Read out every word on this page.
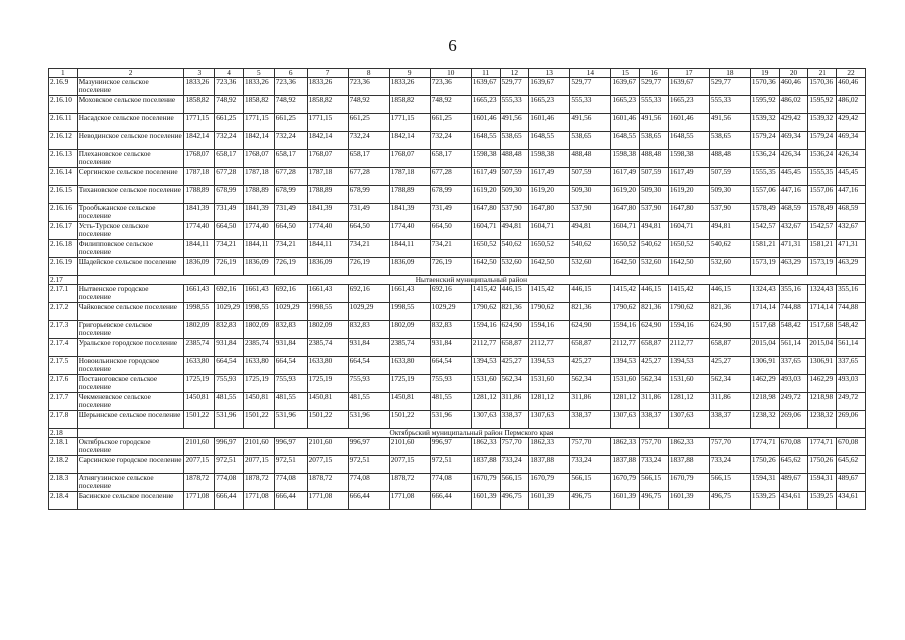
6
1	2	3	4	5	6	7	8	9	10	11	12	13	14	15	16	17	18	19	20	21	22
2.16.9	Мазунинское сельское поселение	1833,26	723,36	1833,26	723,36	1833,26	723,36	1833,26	723,36	1639,67	529,77	1639,67	529,77	1639,67	529,77	1639,67	529,77	1570,36	460,46	1570,36	460,46
2.16.10	Моховское сельское поселение	1858,82	748,92	1858,82	748,92	1858,82	748,92	1858,82	748,92	1665,23	555,33	1665,23	555,33	1665,23	555,33	1665,23	555,33	1595,92	486,02	1595,92	486,02
2.16.11	Насадское сельское поселение	1771,15	661,25	1771,15	661,25	1771,15	661,25	1771,15	661,25	1601,46	491,56	1601,46	491,56	1601,46	491,56	1601,46	491,56	1539,32	429,42	1539,32	429,42
2.16.12	Неводинское сельское поселение	1842,14	732,24	1842,14	732,24	1842,14	732,24	1842,14	732,24	1648,55	538,65	1648,55	538,65	1648,55	538,65	1648,55	538,65	1579,24	469,34	1579,24	469,34
2.16.13	Плехановское сельское поселение	1768,07	658,17	1768,07	658,17	1768,07	658,17	1768,07	658,17	1598,38	488,48	1598,38	488,48	1598,38	488,48	1598,38	488,48	1536,24	426,34	1536,24	426,34
2.16.14	Сергинское сельское поселение	1787,18	677,28	1787,18	677,28	1787,18	677,28	1787,18	677,28	1617,49	507,59	1617,49	507,59	1617,49	507,59	1617,49	507,59	1555,35	445,45	1555,35	445,45
2.16.15	Тихановское сельское поселение	1788,89	678,99	1788,89	678,99	1788,89	678,99	1788,89	678,99	1619,20	509,30	1619,20	509,30	1619,20	509,30	1619,20	509,30	1557,06	447,16	1557,06	447,16
2.16.16	Трообъжанское сельское поселение	1841,39	731,49	1841,39	731,49	1841,39	731,49	1841,39	731,49	1647,80	537,90	1647,80	537,90	1647,80	537,90	1647,80	537,90	1578,49	468,59	1578,49	468,59
2.16.17	Усть-Турское сельское поселение	1774,40	664,50	1774,40	664,50	1774,40	664,50	1774,40	664,50	1604,71	494,81	1604,71	494,81	1604,71	494,81	1604,71	494,81	1542,57	432,67	1542,57	432,67
2.16.18	Филипповское сельское поселение	1844,11	734,21	1844,11	734,21	1844,11	734,21	1844,11	734,21	1650,52	540,62	1650,52	540,62	1650,52	540,62	1650,52	540,62	1581,21	471,31	1581,21	471,31
2.16.19	Шадейское сельское поселение	1836,09	726,19	1836,09	726,19	1836,09	726,19	1836,09	726,19	1642,50	532,60	1642,50	532,60	1642,50	532,60	1642,50	532,60	1573,19	463,29	1573,19	463,29
2.17	Нытвенский муниципальный район																				
2.17.1	Нытвенское городское поселение	1661,43	692,16	1661,43	692,16	1661,43	692,16	1661,43	692,16	1415,42	446,15	1415,42	446,15	1415,42	446,15	1415,42	446,15	1324,43	355,16	1324,43	355,16
2.17.2	Чайковское сельское поселение	1998,55	1029,29	1998,55	1029,29	1998,55	1029,29	1998,55	1029,29	1790,62	821,36	1790,62	821,36	1790,62	821,36	1790,62	821,36	1714,14	744,88	1714,14	744,88
2.17.3	Григорьевское сельское поселение	1802,09	832,83	1802,09	832,83	1802,09	832,83	1802,09	832,83	1594,16	624,90	1594,16	624,90	1594,16	624,90	1594,16	624,90	1517,68	548,42	1517,68	548,42
2.17.4	Уральское городское поселение	2385,74	931,84	2385,74	931,84	2385,74	931,84	2385,74	931,84	2112,77	658,87	2112,77	658,87	2112,77	658,87	2112,77	658,87	2015,04	561,14	2015,04	561,14
2.17.5	Новоильинское городское поселение	1633,80	664,54	1633,80	664,54	1633,80	664,54	1633,80	664,54	1394,53	425,27	1394,53	425,27	1394,53	425,27	1394,53	425,27	1306,91	337,65	1306,91	337,65
2.17.6	Постаноговское сельское поселение	1725,19	755,93	1725,19	755,93	1725,19	755,93	1725,19	755,93	1531,60	562,34	1531,60	562,34	1531,60	562,34	1531,60	562,34	1462,29	493,03	1462,29	493,03
2.17.7	Чекменевское сельское поселение	1450,81	481,55	1450,81	481,55	1450,81	481,55	1450,81	481,55	1281,12	311,86	1281,12	311,86	1281,12	311,86	1281,12	311,86	1218,98	249,72	1218,98	249,72
2.17.8	Шерьинское сельское поселение	1501,22	531,96	1501,22	531,96	1501,22	531,96	1501,22	531,96	1307,63	338,37	1307,63	338,37	1307,63	338,37	1307,63	338,37	1238,32	269,06	1238,32	269,06
2.18	Октябрьский муниципальный район Пермского края																				
2.18.1	Октябрьское городское поселение	2101,60	996,97	2101,60	996,97	2101,60	996,97	2101,60	996,97	1862,33	757,70	1862,33	757,70	1862,33	757,70	1862,33	757,70	1774,71	670,08	1774,71	670,08
2.18.2	Сарсинское городское поселение	2077,15	972,51	2077,15	972,51	2077,15	972,51	2077,15	972,51	1837,88	733,24	1837,88	733,24	1837,88	733,24	1837,88	733,24	1750,26	645,62	1750,26	645,62
2.18.3	Атнягузинское сельское поселение	1878,72	774,08	1878,72	774,08	1878,72	774,08	1878,72	774,08	1670,79	566,15	1670,79	566,15	1670,79	566,15	1670,79	566,15	1594,31	489,67	1594,31	489,67
2.18.4	Басинское сельское поселение	1771,08	666,44	1771,08	666,44	1771,08	666,44	1771,08	666,44	1601,39	496,75	1601,39	496,75	1601,39	496,75	1601,39	496,75	1539,25	434,61	1539,25	434,61
